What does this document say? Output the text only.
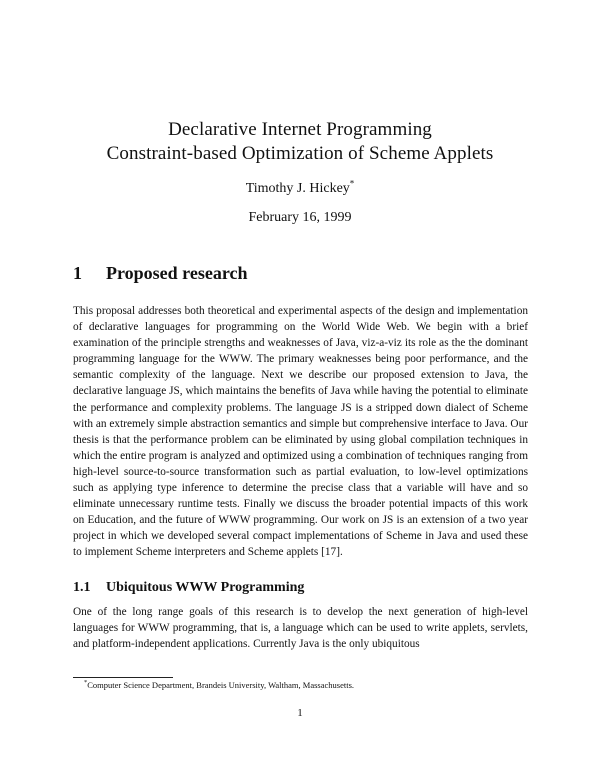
Declarative Internet Programming
Constraint-based Optimization of Scheme Applets
Timothy J. Hickey*
February 16, 1999
1 Proposed research

This proposal addresses both theoretical and experimental aspects of the design and implementation of declarative languages for programming on the World Wide Web. We begin with a brief examination of the principle strengths and weaknesses of Java, viz-a-viz its role as the the dominant programming language for the WWW. The primary weaknesses being poor performance, and the semantic complexity of the language. Next we describe our proposed extension to Java, the declarative language JS, which maintains the benefits of Java while having the potential to eliminate the performance and complexity problems. The language JS is a stripped down dialect of Scheme with an extremely simple abstraction semantics and simple but comprehensive interface to Java. Our thesis is that the performance problem can be eliminated by using global compilation techniques in which the entire program is analyzed and optimized using a combination of techniques ranging from high-level source-to-source transformation such as partial evaluation, to low-level optimizations such as applying type inference to determine the precise class that a variable will have and so eliminate unnecessary runtime tests. Finally we discuss the broader potential impacts of this work on Education, and the future of WWW programming. Our work on JS is an extension of a two year project in which we developed several compact implementations of Scheme in Java and used these to implement Scheme interpreters and Scheme applets [17].

1.1 Ubiquitous WWW Programming

One of the long range goals of this research is to develop the next generation of high-level languages for WWW programming, that is, a language which can be used to write applets, servlets, and platform-independent applications. Currently Java is the only ubiquitous

*Computer Science Department, Brandeis University, Waltham, Massachusetts.
1
